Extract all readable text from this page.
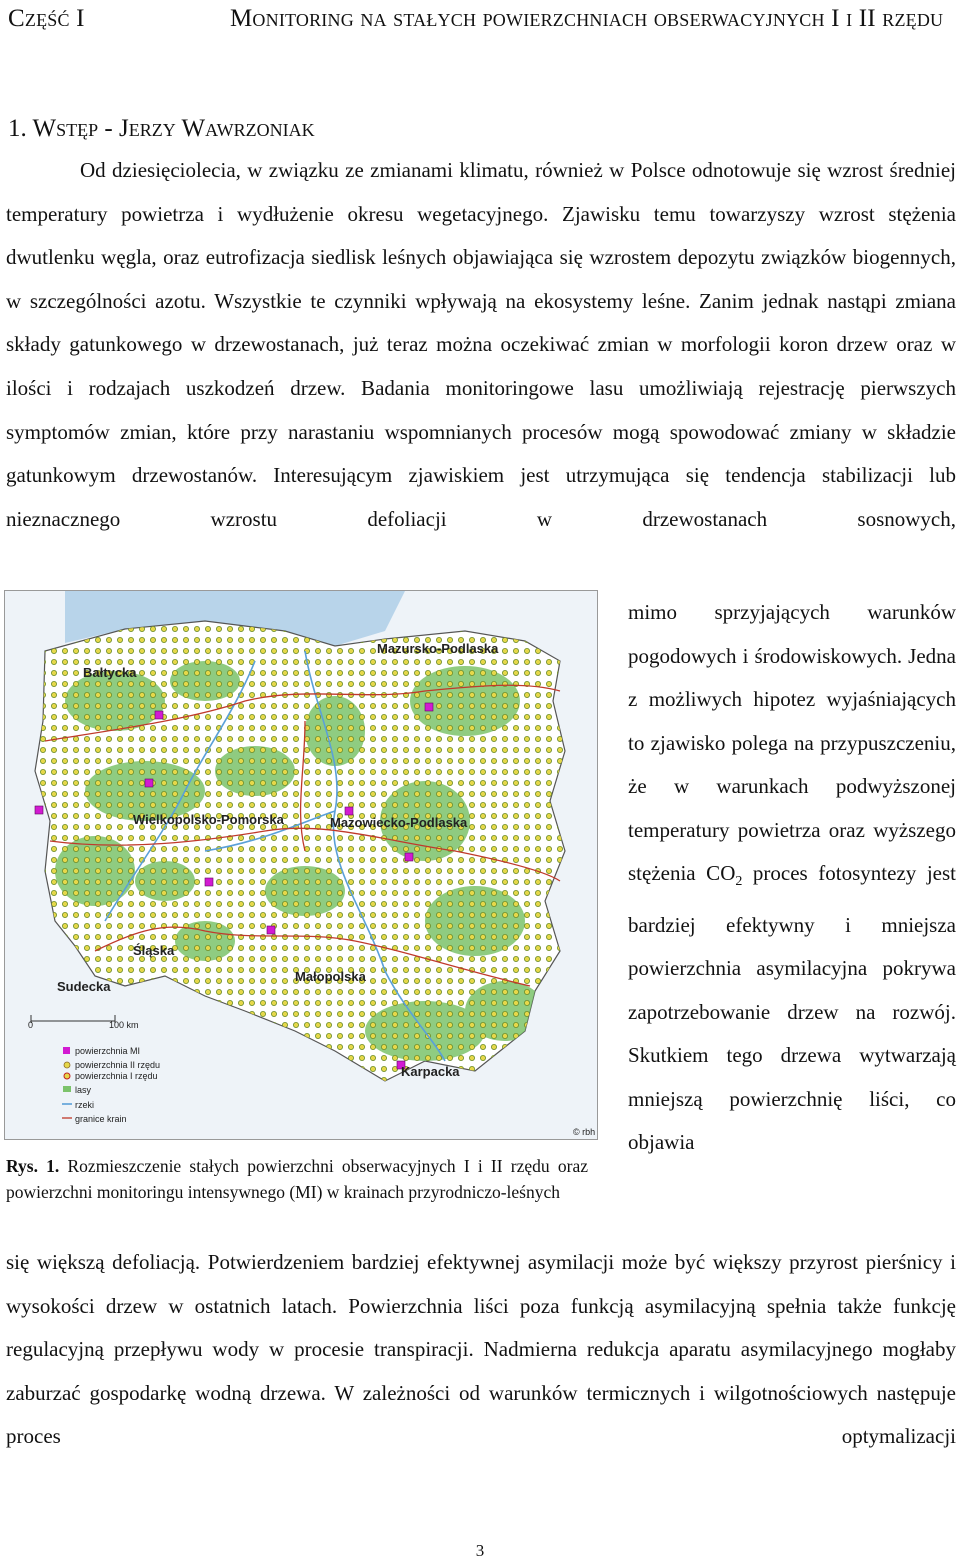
Część I	Monitoring na stałych powierzchniach obserwacyjnych I i II rzędu
1. Wstęp - Jerzy Wawrzoniak
Od dziesięciolecia, w związku ze zmianami klimatu, również w Polsce odnotowuje się wzrost średniej temperatury powietrza i wydłużenie okresu wegetacyjnego. Zjawisku temu towarzyszy wzrost stężenia dwutlenku węgla, oraz eutrofizacja siedlisk leśnych objawiająca się wzrostem depozytu związków biogennych, w szczególności azotu. Wszystkie te czynniki wpływają na ekosystemy leśne. Zanim jednak nastąpi zmiana składy gatunkowego w drzewostanach, już teraz można oczekiwać zmian w morfologii koron drzew oraz w ilości i rodzajach uszkodzeń drzew. Badania monitoringowe lasu umożliwiają rejestrację pierwszych symptomów zmian, które przy narastaniu wspomnianych procesów mogą spowodować zmiany w składzie gatunkowym drzewostanów. Interesującym zjawiskiem jest utrzymująca się tendencja stabilizacji lub nieznacznego wzrostu defoliacji w drzewostanach sosnowych,
Bałtycka
Mazursko-Podlaska
Wielkopolsko-Pomorska	Mazowiecko-Podlaska
Śląska
Sudecka
Małopolska
Karpacka
0	100 km
powierzchnia MI
powierzchnia II rzędu
powierzchnia I rzędu
lasy
rzeki
granice krain
© rbh
Rys. 1. Rozmieszczenie stałych powierzchni obserwacyjnych I i II rzędu oraz powierzchni monitoringu intensywnego (MI) w krainach przyrodniczo-leśnych
mimo sprzyjających warunków pogodowych i środowiskowych. Jedna z możliwych hipotez wyjaśniających to zjawisko polega na przypuszczeniu, że w warunkach podwyższonej temperatury powietrza oraz wyższego stężenia $CO_2$ proces fotosyntezy jest bardziej efektywny i mniejsza powierzchnia asymilacyjna pokrywa zapotrzebowanie drzew na rozwój. Skutkiem tego drzewa wytwarzają mniejszą powierzchnię liści, co objawia
się większą defoliacją. Potwierdzeniem bardziej efektywnej asymilacji może być większy przyrost pierśnicy i wysokości drzew w ostatnich latach. Powierzchnia liści poza funkcją asymilacyjną spełnia także funkcję regulacyjną przepływu wody w procesie transpiracji. Nadmierna redukcja aparatu asymilacyjnego mogłaby zaburzać gospodarkę wodną drzewa. W zależności od warunków termicznych i wilgotnościowych następuje proces optymalizacji
3
